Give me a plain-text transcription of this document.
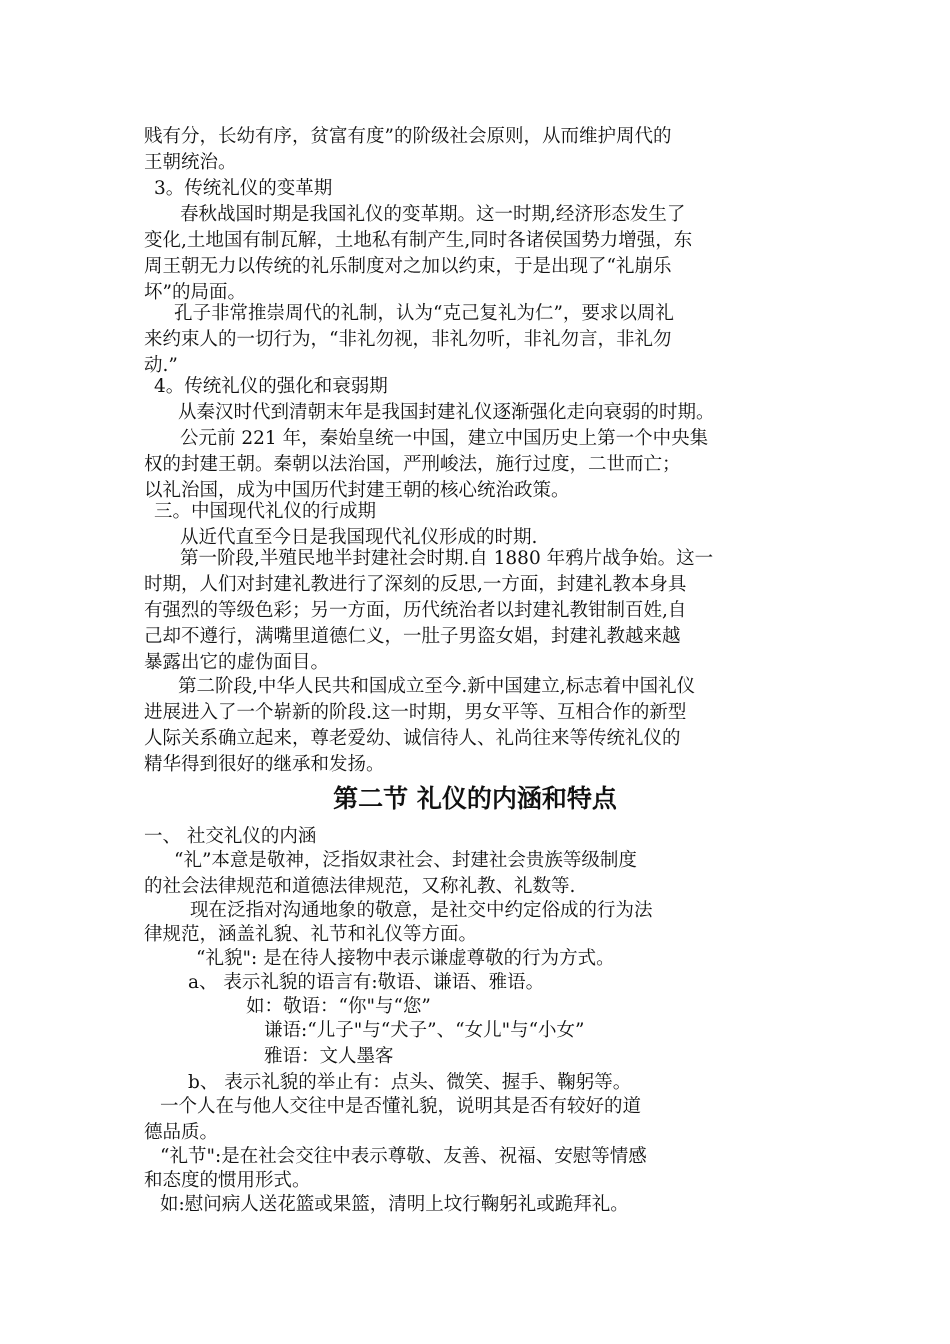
贱有分，长幼有序，贫富有度”的阶级社会原则，从而维护周代的

王朝统治。

3。传统礼仪的变革期

春秋战国时期是我国礼仪的变革期。这一时期,经济形态发生了

变化,土地国有制瓦解，土地私有制产生,同时各诸侯国势力增强，东

周王朝无力以传统的礼乐制度对之加以约束，于是出现了“礼崩乐

坏”的局面。

孔子非常推崇周代的礼制，认为“克己复礼为仁”，要求以周礼

来约束人的一切行为，“非礼勿视，非礼勿听，非礼勿言，非礼勿

动.”

4。传统礼仪的强化和衰弱期

从秦汉时代到清朝末年是我国封建礼仪逐渐强化走向衰弱的时期。

公元前 221 年，秦始皇统一中国，建立中国历史上第一个中央集

权的封建王朝。秦朝以法治国，严刑峻法，施行过度，二世而亡；

以礼治国，成为中国历代封建王朝的核心统治政策。

三。中国现代礼仪的行成期

从近代直至今日是我国现代礼仪形成的时期.

第一阶段,半殖民地半封建社会时期.自 1880 年鸦片战争始。这一

时期，人们对封建礼教进行了深刻的反思,一方面，封建礼教本身具

有强烈的等级色彩；另一方面，历代统治者以封建礼教钳制百姓,自

己却不遵行，满嘴里道德仁义，一肚子男盗女娼，封建礼教越来越

暴露出它的虚伪面目。

第二阶段,中华人民共和国成立至今.新中国建立,标志着中国礼仪

进展进入了一个崭新的阶段.这一时期，男女平等、互相合作的新型

人际关系确立起来，尊老爱幼、诚信待人、礼尚往来等传统礼仪的

精华得到很好的继承和发扬。

第二节 礼仪的内涵和特点

一、 社交礼仪的内涵

“礼”本意是敬神，泛指奴隶社会、封建社会贵族等级制度

的社会法律规范和道德法律规范，又称礼教、礼数等.

现在泛指对沟通地象的敬意，是社交中约定俗成的行为法

律规范，涵盖礼貌、礼节和礼仪等方面。

“礼貌": 是在待人接物中表示谦虚尊敬的行为方式。

a、 表示礼貌的语言有:敬语、谦语、雅语。

如：敬语：“你"与“您”

谦语:“儿子"与“犬子”、“女儿"与“小女”

雅语：文人墨客

b、 表示礼貌的举止有：点头、微笑、握手、鞠躬等。

一个人在与他人交往中是否懂礼貌，说明其是否有较好的道

德品质。

“礼节":是在社会交往中表示尊敬、友善、祝福、安慰等情感

和态度的惯用形式。

如:慰问病人送花篮或果篮，清明上坟行鞠躬礼或跪拜礼。
